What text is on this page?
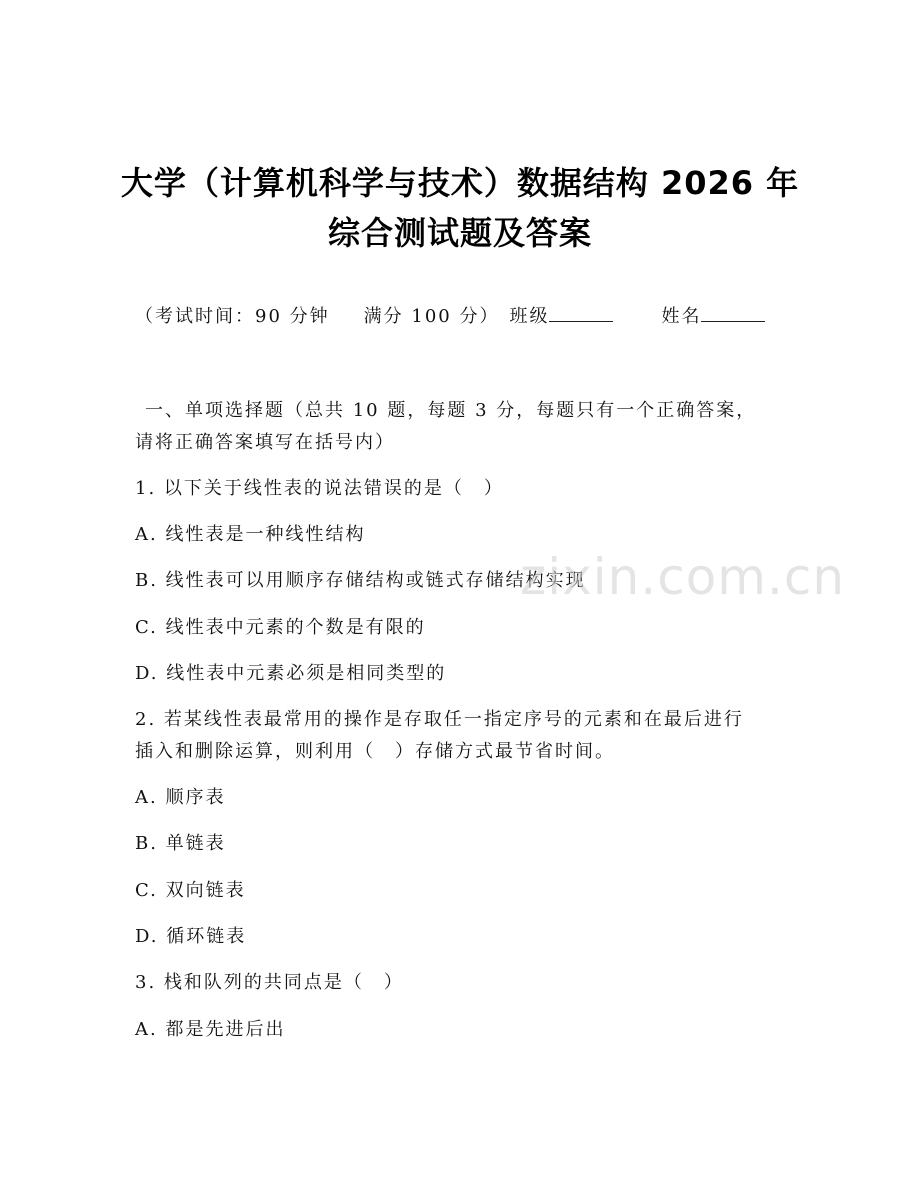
大学（计算机科学与技术）数据结构 2026 年
综合测试题及答案
（考试时间：90 分钟 满分 100 分） 班级	姓名
一、单项选择题（总共 10 题，每题 3 分，每题只有一个正确答案，
请将正确答案填写在括号内）
1. 以下关于线性表的说法错误的是（　）
A. 线性表是一种线性结构
B. 线性表可以用顺序存储结构或链式存储结构实现
C. 线性表中元素的个数是有限的
D. 线性表中元素必须是相同类型的
2. 若某线性表最常用的操作是存取任一指定序号的元素和在最后进行
插入和删除运算，则利用（　）存储方式最节省时间。
A. 顺序表
B. 单链表
C. 双向链表
D. 循环链表
3. 栈和队列的共同点是（　）
A. 都是先进后出
zixin.com.cn
